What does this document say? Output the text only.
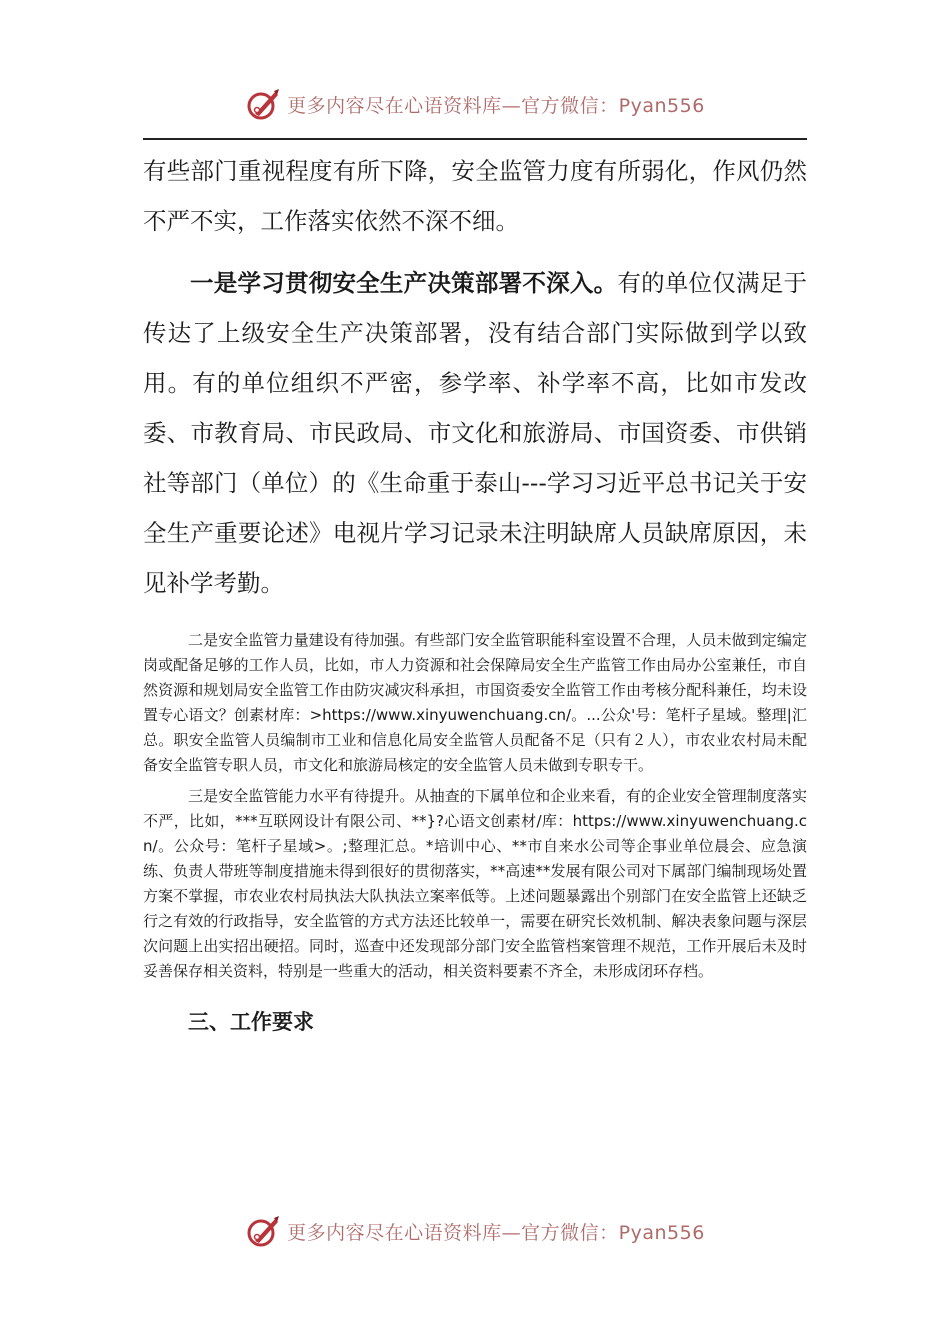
更多内容尽在心语资料库—官方微信：Pyan556

有些部门重视程度有所下降，安全监管力度有所弱化，作风仍然不严不实，工作落实依然不深不细。

一是学习贯彻安全生产决策部署不深入。有的单位仅满足于传达了上级安全生产决策部署，没有结合部门实际做到学以致用。有的单位组织不严密，参学率、补学率不高，比如市发改委、市教育局、市民政局、市文化和旅游局、市国资委、市供销社等部门（单位）的《生命重于泰山---学习习近平总书记关于安全生产重要论述》电视片学习记录未注明缺席人员缺席原因，未见补学考勤。

二是安全监管力量建设有待加强。有些部门安全监管职能科室设置不合理，人员未做到定编定岗或配备足够的工作人员，比如，市人力资源和社会保障局安全生产监管工作由局办公室兼任，市自然资源和规划局安全监管工作由防灾减灾科承担，市国资委安全监管工作由考核分配科兼任，均未设置专心语文？创素材库：>https://www.xinyuwenchuang.cn/。...公众'号：笔杆子星域。整理|汇总。职安全监管人员编制市工业和信息化局安全监管人员配备不足（只有２人），市农业农村局未配备安全监管专职人员，市文化和旅游局核定的安全监管人员未做到专职专干。

三是安全监管能力水平有待提升。从抽查的下属单位和企业来看，有的企业安全管理制度落实不严，比如，***互联网设计有限公司、**}?心语文创素材/库：https://www.xinyuwenchuang.cn/。公众号：笔杆子星域>。;整理汇总。*培训中心、**市自来水公司等企事业单位晨会、应急演练、负责人带班等制度措施未得到很好的贯彻落实，**高速**发展有限公司对下属部门编制现场处置方案不掌握，市农业农村局执法大队执法立案率低等。上述问题暴露出个别部门在安全监管上还缺乏行之有效的行政指导，安全监管的方式方法还比较单一，需要在研究长效机制、解决表象问题与深层次问题上出实招出硬招。同时，巡查中还发现部分部门安全监管档案管理不规范，工作开展后未及时妥善保存相关资料，特别是一些重大的活动，相关资料要素不齐全，未形成闭环存档。

三、工作要求

更多内容尽在心语资料库—官方微信：Pyan556
